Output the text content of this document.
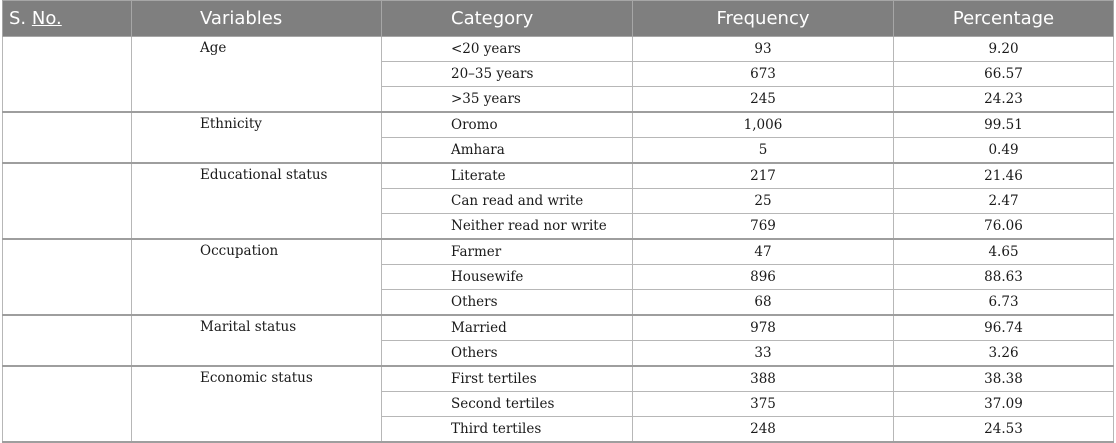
S. No.	Variables	Category	Frequency	Percentage
	Age	<20 years	93	9.20
		20–35 years	673	66.57
		>35 years	245	24.23
	Ethnicity	Oromo	1,006	99.51
		Amhara	5	0.49
	Educational status	Literate	217	21.46
		Can read and write	25	2.47
		Neither read nor write	769	76.06
	Occupation	Farmer	47	4.65
		Housewife	896	88.63
		Others	68	6.73
	Marital status	Married	978	96.74
		Others	33	3.26
	Economic status	First tertiles	388	38.38
		Second tertiles	375	37.09
		Third tertiles	248	24.53
